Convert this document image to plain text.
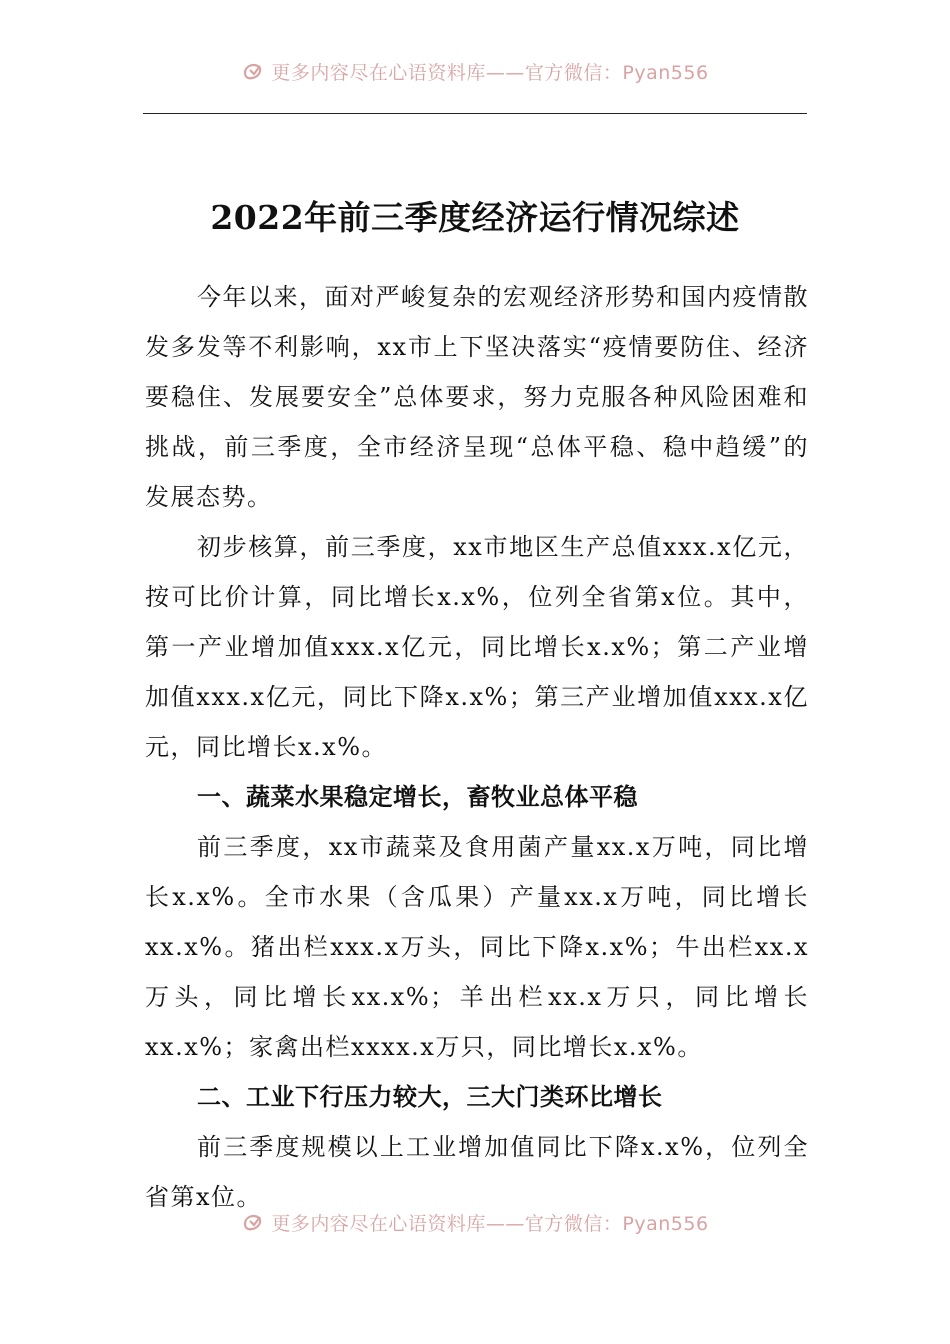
更多内容尽在心语资料库——官方微信：Pyan556
2022年前三季度经济运行情况综述

今年以来，面对严峻复杂的宏观经济形势和国内疫情散发多发等不利影响，xx市上下坚决落实“疫情要防住、经济要稳住、发展要安全”总体要求，努力克服各种风险困难和挑战，前三季度，全市经济呈现“总体平稳、稳中趋缓”的发展态势。

初步核算，前三季度，xx市地区生产总值xxx.x亿元，按可比价计算，同比增长x.x%，位列全省第x位。其中，第一产业增加值xxx.x亿元，同比增长x.x%；第二产业增加值xxx.x亿元，同比下降x.x%；第三产业增加值xxx.x亿元，同比增长x.x%。

一、蔬菜水果稳定增长，畜牧业总体平稳

前三季度，xx市蔬菜及食用菌产量xx.x万吨，同比增长x.x%。全市水果（含瓜果）产量xx.x万吨，同比增长xx.x%。猪出栏xxx.x万头，同比下降x.x%；牛出栏xx.x万头，同比增长xx.x%；羊出栏xx.x万只，同比增长xx.x%；家禽出栏xxxx.x万只，同比增长x.x%。

二、工业下行压力较大，三大门类环比增长

前三季度规模以上工业增加值同比下降x.x%，位列全省第x位。

更多内容尽在心语资料库——官方微信：Pyan556
